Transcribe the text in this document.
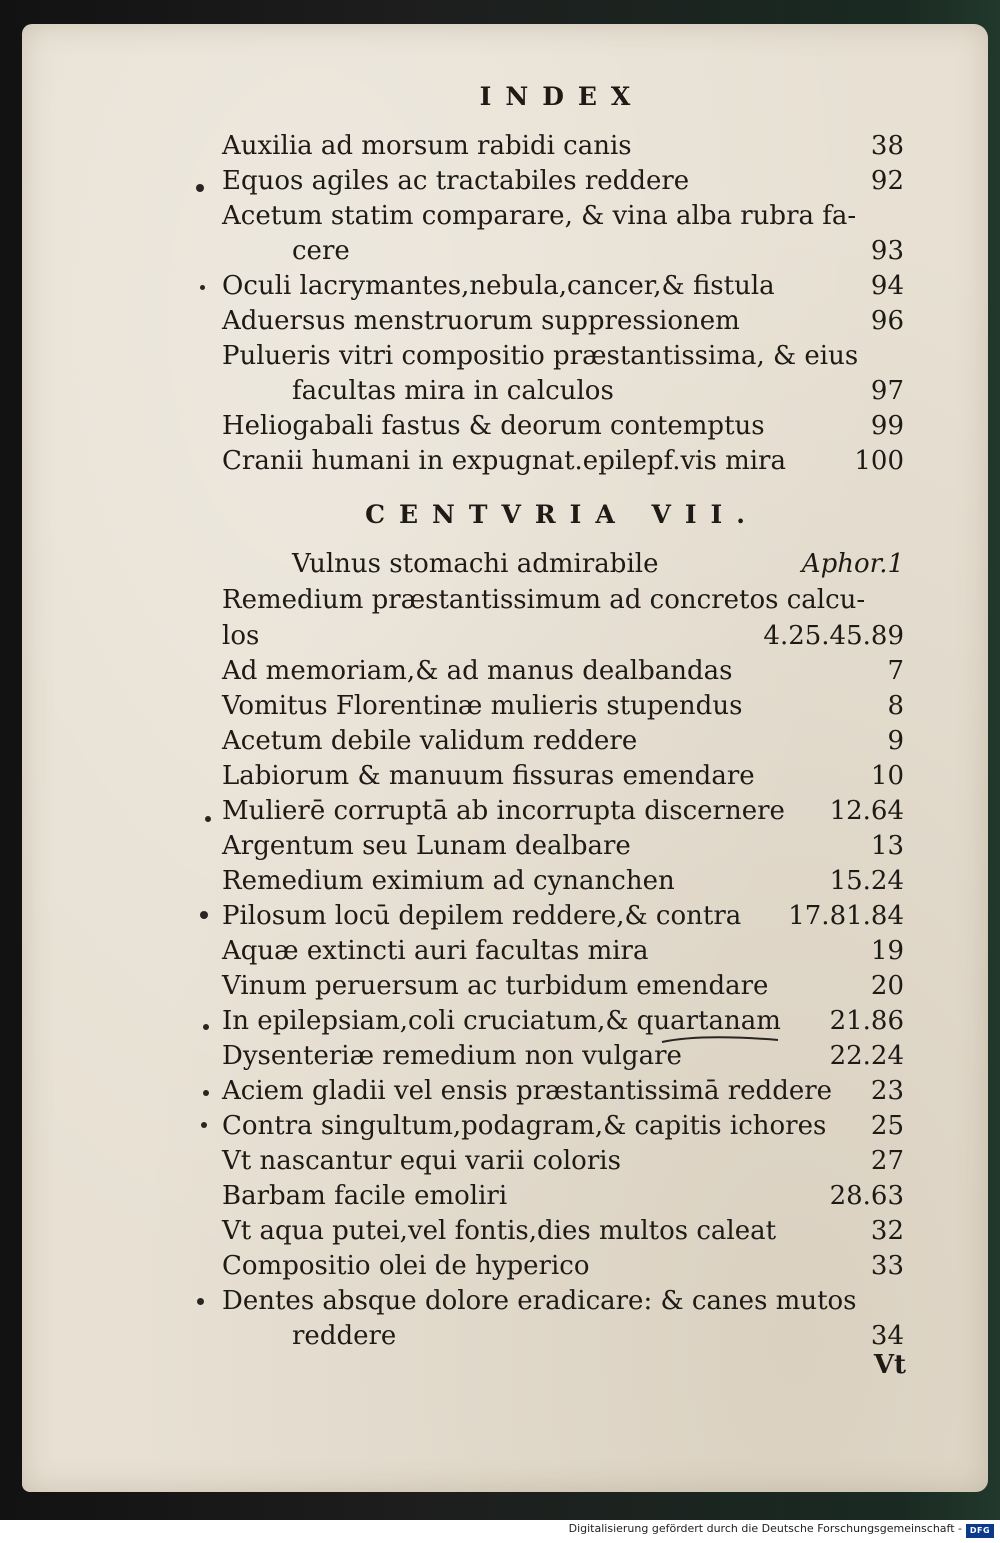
INDEX
Auxilia ad morsum rabidi canis	38
Equos agiles ac tractabiles reddere	92
Acetum statim comparare, & vina alba rubra fa-
cere	93
Oculi lacrymantes,nebula,cancer,& fistula	94
Aduersus menstruorum suppressionem	96
Pulueris vitri compositio præstantissima, & eius
facultas mira in calculos	97
Heliogabali fastus & deorum contemptus	99
Cranii humani in expugnat.epilepf.vis mira	100
CENTVRIA VII.
Vulnus stomachi admirabile	Aphor.1
Remedium præstantissimum ad concretos calcu-
los	4.25.45.89
Ad memoriam,& ad manus dealbandas	7
Vomitus Florentinæ mulieris stupendus	8
Acetum debile validum reddere	9
Labiorum & manuum fissuras emendare	10
Mulierē corruptā ab incorrupta discernere 12.64
Argentum seu Lunam dealbare	13
Remedium eximium ad cynanchen	15.24
Pilosum locū depilem reddere,& contra 17.81.84
Aquæ extincti auri facultas mira	19
Vinum peruersum ac turbidum emendare	20
In epilepsiam,coli cruciatum,& quartanam 21.86
Dysenteriæ remedium non vulgare	22.24
Aciem gladii vel ensis præstantissimā reddere 23
Contra singultum,podagram,& capitis ichores 25
Vt nascantur equi varii coloris	27
Barbam facile emoliri	28.63
Vt aqua putei,vel fontis,dies multos caleat	32
Compositio olei de hyperico	33
Dentes absque dolore eradicare: & canes mutos
reddere	34
Vt
Digitalisierung gefördert durch die Deutsche Forschungsgemeinschaft - DFG
